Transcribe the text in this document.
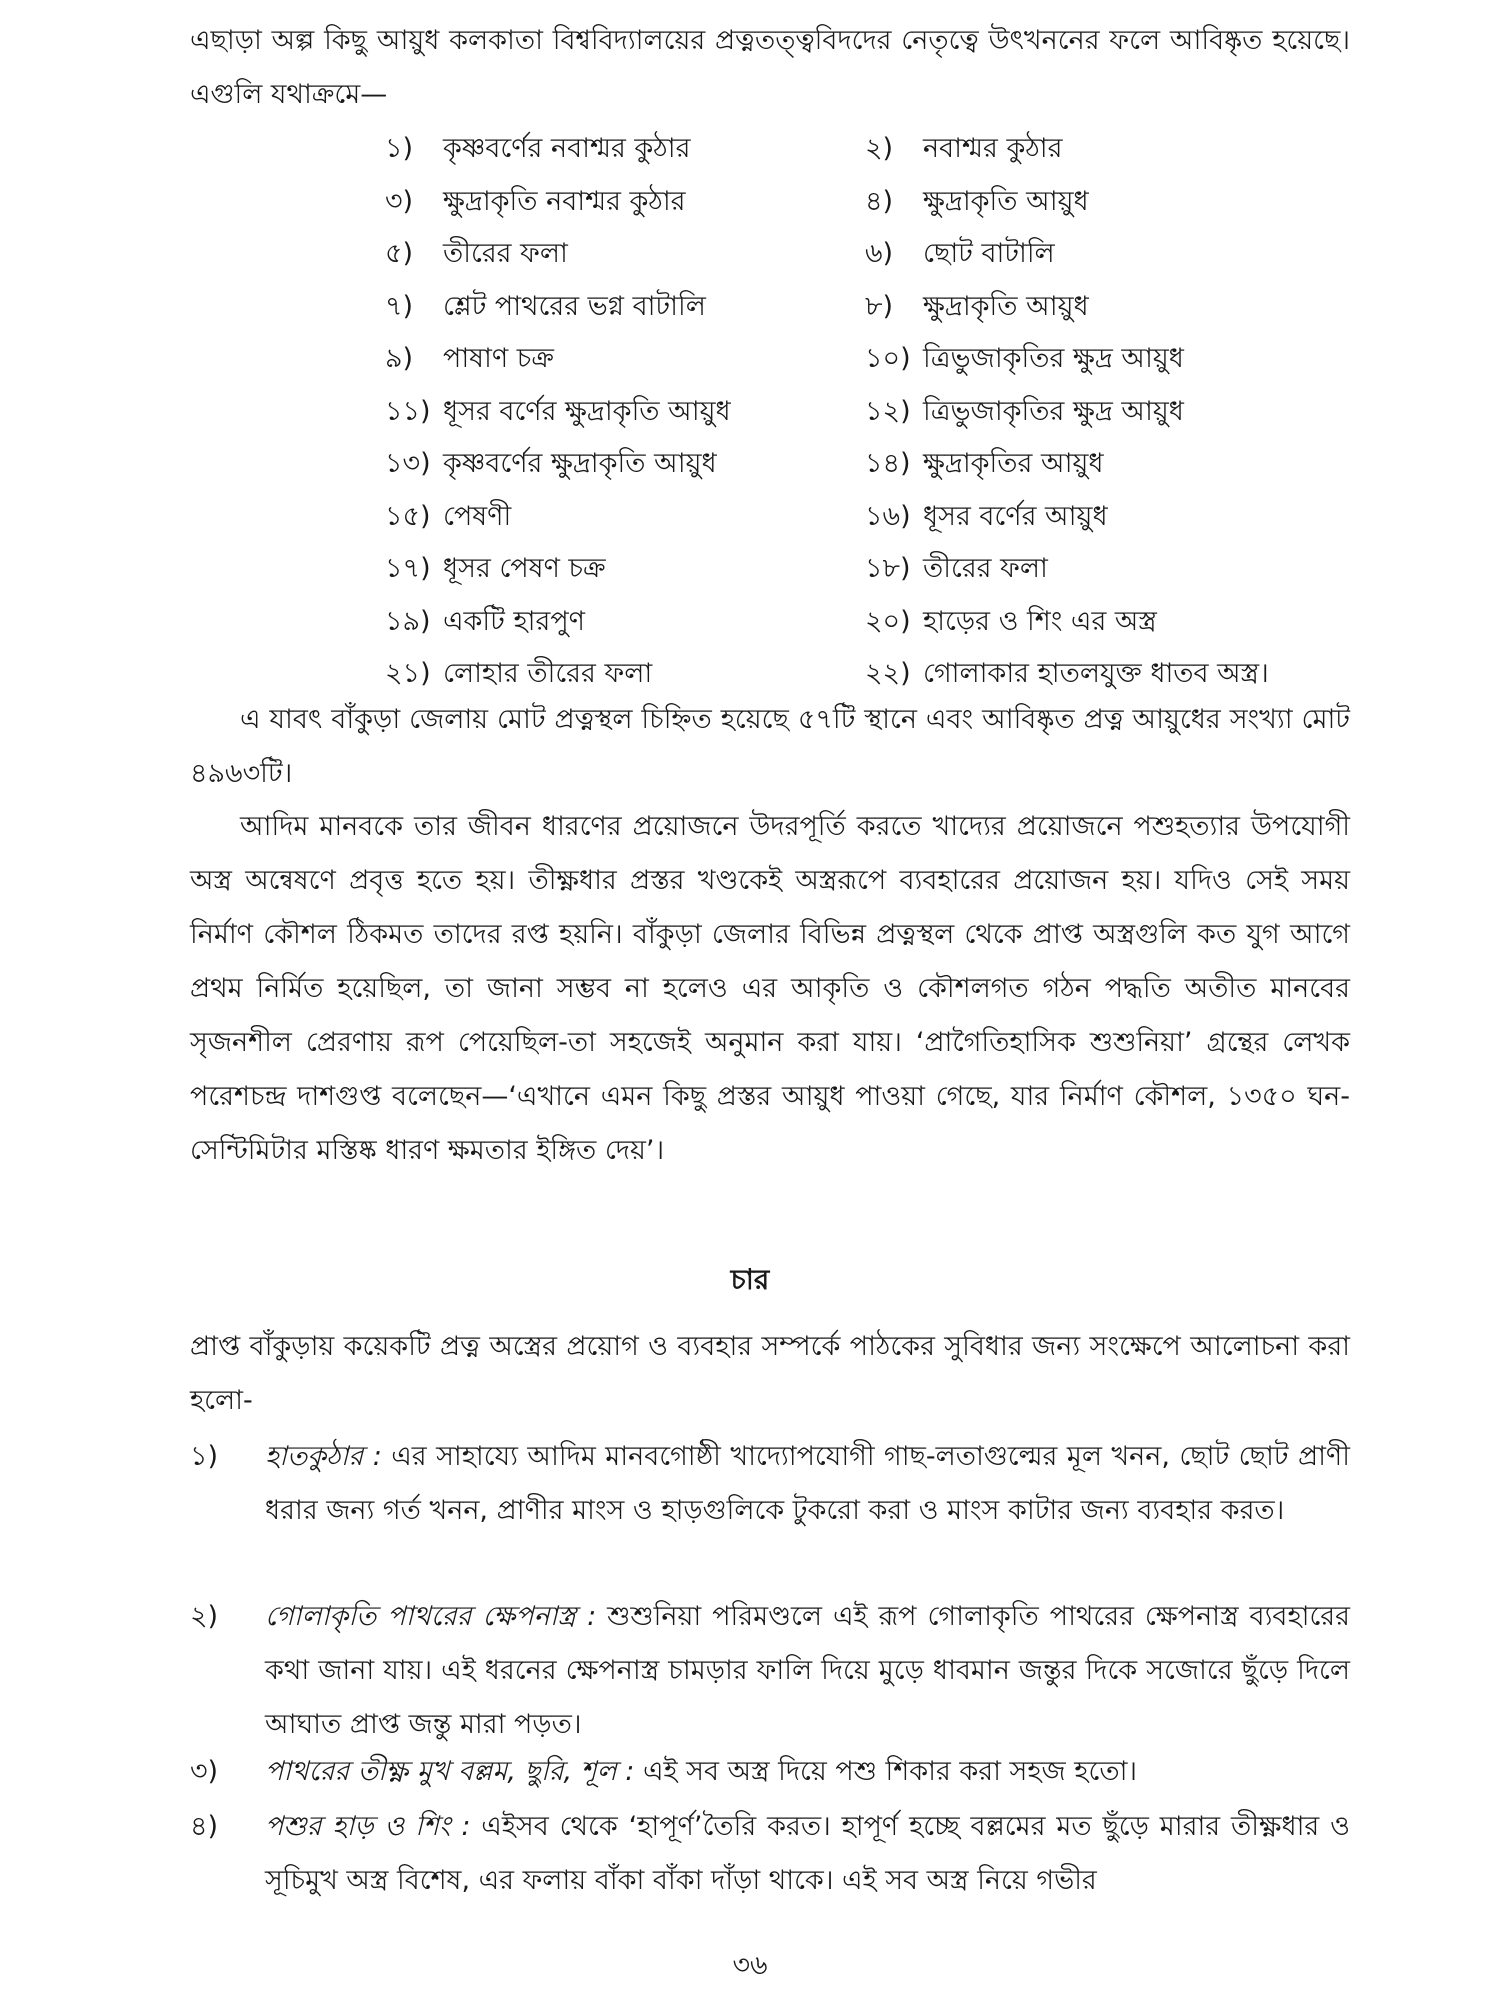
এছাড়া অল্প কিছু আয়ুধ কলকাতা বিশ্ববিদ্যালয়ের প্রত্নতত্ত্ববিদদের নেতৃত্বে উৎখননের ফলে আবিষ্কৃত হয়েছে। এগুলি যথাক্রমে—

১) কৃষ্ণবর্ণের নবাশ্মর কুঠার	২) নবাশ্মর কুঠার
৩) ক্ষুদ্রাকৃতি নবাশ্মর কুঠার	৪) ক্ষুদ্রাকৃতি আয়ুধ
৫) তীরের ফলা	৬) ছোট বাটালি
৭) শ্লেট পাথরের ভগ্ন বাটালি	৮) ক্ষুদ্রাকৃতি আয়ুধ
৯) পাষাণ চক্র	১০) ত্রিভুজাকৃতির ক্ষুদ্র আয়ুধ
১১) ধূসর বর্ণের ক্ষুদ্রাকৃতি আয়ুধ	১২) ত্রিভুজাকৃতির ক্ষুদ্র আয়ুধ
১৩) কৃষ্ণবর্ণের ক্ষুদ্রাকৃতি আয়ুধ	১৪) ক্ষুদ্রাকৃতির আয়ুধ
১৫) পেষণী	১৬) ধূসর বর্ণের আয়ুধ
১৭) ধূসর পেষণ চক্র	১৮) তীরের ফলা
১৯) একটি হারপুণ	২০) হাড়ের ও শিং এর অস্ত্র
২১) লোহার তীরের ফলা	২২) গোলাকার হাতলযুক্ত ধাতব অস্ত্র।

এ যাবৎ বাঁকুড়া জেলায় মোট প্রত্নস্থল চিহ্নিত হয়েছে ৫৭টি স্থানে এবং আবিষ্কৃত প্রত্ন আয়ুধের সংখ্যা মোট ৪৯৬৩টি।

আদিম মানবকে তার জীবন ধারণের প্রয়োজনে উদরপূর্তি করতে খাদ্যের প্রয়োজনে পশুহত্যার উপযোগী অস্ত্র অন্বেষণে প্রবৃত্ত হতে হয়। তীক্ষ্ণধার প্রস্তর খণ্ডকেই অস্ত্ররূপে ব্যবহারের প্রয়োজন হয়। যদিও সেই সময় নির্মাণ কৌশল ঠিকমত তাদের রপ্ত হয়নি। বাঁকুড়া জেলার বিভিন্ন প্রত্নস্থল থেকে প্রাপ্ত অস্ত্রগুলি কত যুগ আগে প্রথম নির্মিত হয়েছিল, তা জানা সম্ভব না হলেও এর আকৃতি ও কৌশলগত গঠন পদ্ধতি অতীত মানবের সৃজনশীল প্রেরণায় রূপ পেয়েছিল-তা সহজেই অনুমান করা যায়। ‘প্রাগৈতিহাসিক শুশুনিয়া’ গ্রন্থের লেখক পরেশচন্দ্র দাশগুপ্ত বলেছেন—‘এখানে এমন কিছু প্রস্তর আয়ুধ পাওয়া গেছে, যার নির্মাণ কৌশল, ১৩৫০ ঘন-সেন্টিমিটার মস্তিষ্ক ধারণ ক্ষমতার ইঙ্গিত দেয়’।

চার

প্রাপ্ত বাঁকুড়ায় কয়েকটি প্রত্ন অস্ত্রের প্রয়োগ ও ব্যবহার সম্পর্কে পাঠকের সুবিধার জন্য সংক্ষেপে আলোচনা করা হলো-

১)	হাতকুঠার : এর সাহায্যে আদিম মানবগোষ্ঠী খাদ্যোপযোগী গাছ-লতাগুল্মের মূল খনন, ছোট ছোট প্রাণী ধরার জন্য গর্ত খনন, প্রাণীর মাংস ও হাড়গুলিকে টুকরো করা ও মাংস কাটার জন্য ব্যবহার করত।
২)	গোলাকৃতি পাথরের ক্ষেপনাস্ত্র : শুশুনিয়া পরিমণ্ডলে এই রূপ গোলাকৃতি পাথরের ক্ষেপনাস্ত্র ব্যবহারের কথা জানা যায়। এই ধরনের ক্ষেপনাস্ত্র চামড়ার ফালি দিয়ে মুড়ে ধাবমান জন্তুর দিকে সজোরে ছুঁড়ে দিলে আঘাত প্রাপ্ত জন্তু মারা পড়ত।
৩)	পাথরের তীক্ষ্ণ মুখ বল্লম, ছুরি, শূল : এই সব অস্ত্র দিয়ে পশু শিকার করা সহজ হতো।
৪)	পশুর হাড় ও শিং : এইসব থেকে ‘হাপূর্ণ’তৈরি করত। হাপূর্ণ হচ্ছে বল্লমের মত ছুঁড়ে মারার তীক্ষ্ণধার ও সূচিমুখ অস্ত্র বিশেষ, এর ফলায় বাঁকা বাঁকা দাঁড়া থাকে। এই সব অস্ত্র নিয়ে গভীর
৩৬
